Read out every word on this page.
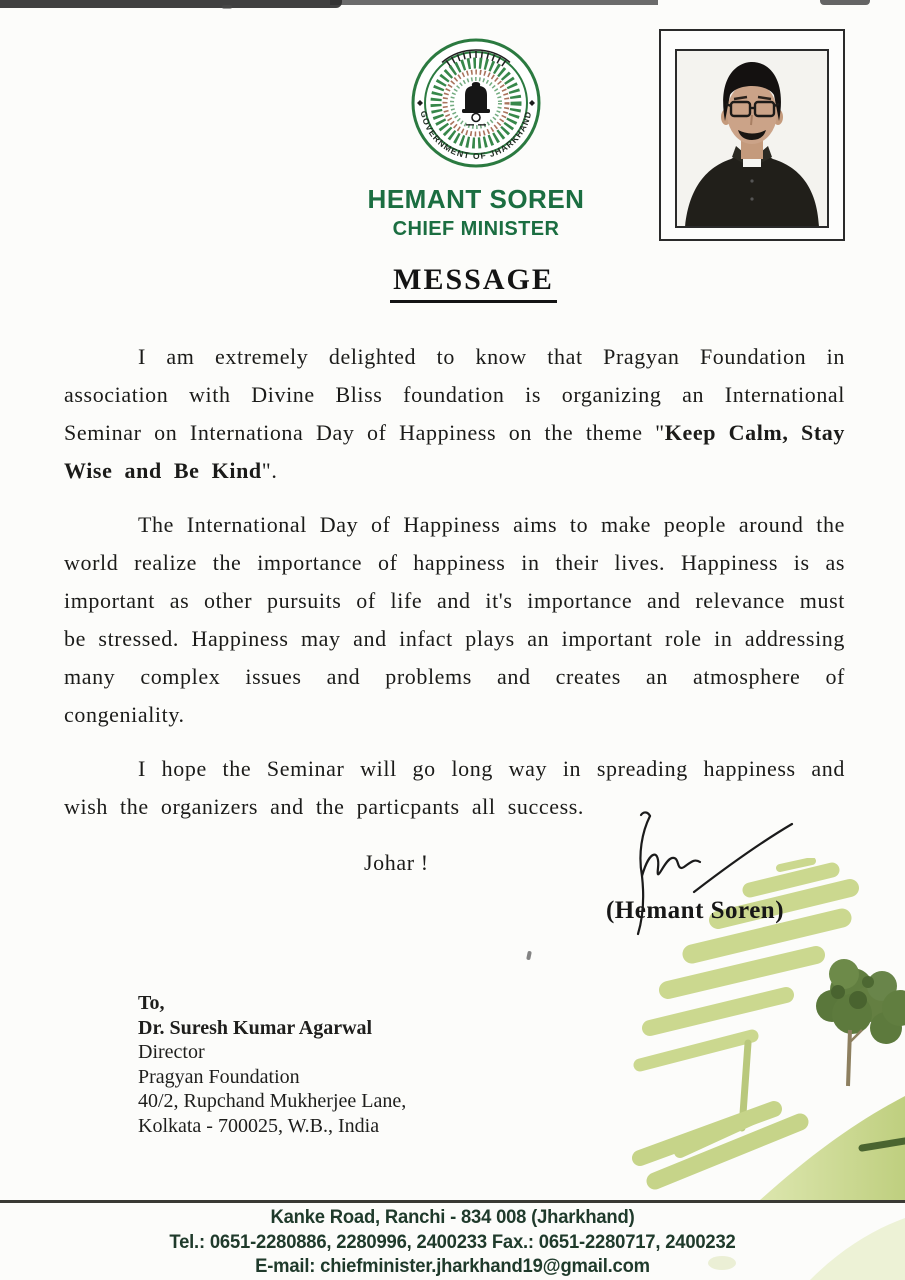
GOVERNMENT OF JHARKHAND
HEMANT SOREN
CHIEF MINISTER
MESSAGE

I am extremely delighted to know that Pragyan Foundation in association with Divine Bliss foundation is organizing an International Seminar on Internationa Day of Happiness on the theme "Keep Calm, Stay Wise and Be Kind".

The International Day of Happiness aims to make people around the world realize the importance of happiness in their lives. Happiness is as important as other pursuits of life and it's importance and relevance must be stressed. Happiness may and infact plays an important role in addressing many complex issues and problems and creates an atmosphere of congeniality.

I hope the Seminar will go long way in spreading happiness and wish the organizers and the particpants all success.

Johar !
(Hemant Soren)
To,
Dr. Suresh Kumar Agarwal
Director
Pragyan Foundation
40/2, Rupchand Mukherjee Lane,
Kolkata - 700025, W.B., India
Kanke Road, Ranchi - 834 008 (Jharkhand)
Tel.: 0651-2280886, 2280996, 2400233 Fax.: 0651-2280717, 2400232
E-mail: chiefminister.jharkhand19@gmail.com
